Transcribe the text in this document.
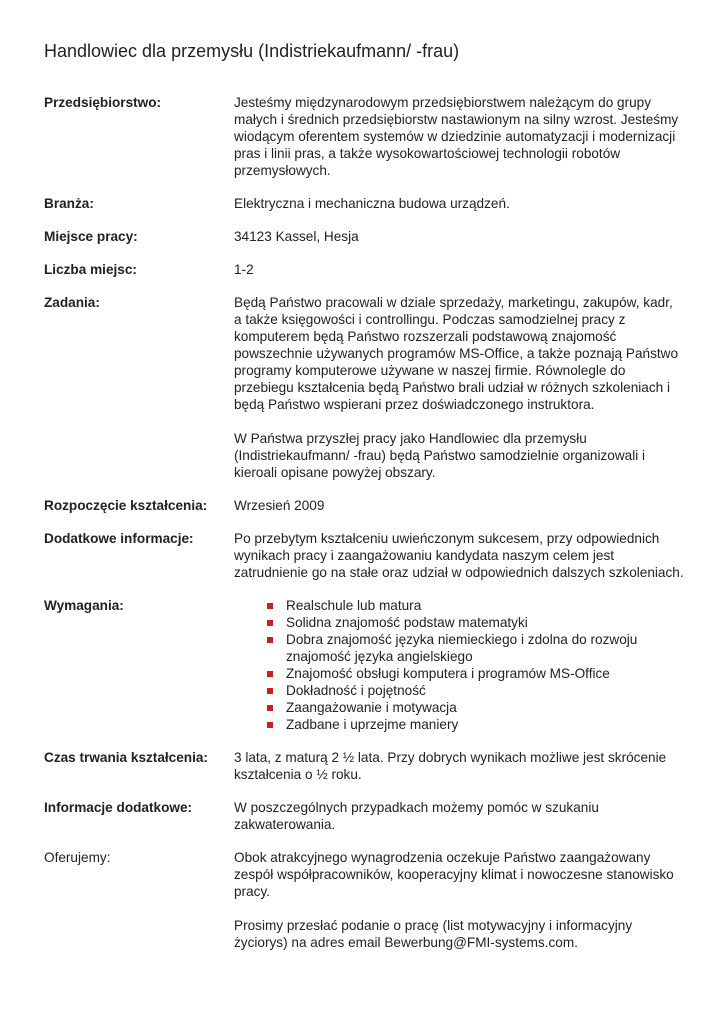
Handlowiec dla przemysłu (Indistriekaufmann/ -frau)
Przedsiębiorstwo:	Jesteśmy międzynarodowym przedsiębiorstwem należącym do grupy małych i średnich przedsiębiorstw nastawionym na silny wzrost. Jesteśmy wiodącym oferentem systemów w dziedzinie automatyzacji i modernizacji pras i linii pras, a także wysokowartościowej technologii robotów przemysłowych.
Branża:	Elektryczna i mechaniczna budowa urządzeń.
Miejsce pracy:	34123 Kassel, Hesja
Liczba miejsc:	1-2
Zadania:	Będą Państwo pracowali w dziale sprzedaży, marketingu, zakupów, kadr, a także księgowości i controllingu. Podczas samodzielnej pracy z komputerem będą Państwo rozszerzali podstawową znajomość powszechnie używanych programów MS-Office, a także poznają Państwo programy komputerowe używane w naszej firmie. Równolegle do przebiegu kształcenia będą Państwo brali udział w różnych szkoleniach i będą Państwo wspierani przez doświadczonego instruktora.

W Państwa przyszłej pracy jako Handlowiec dla przemysłu (Indistriekaufmann/ -frau) będą Państwo samodzielnie organizowali i kieroali opisane powyżej obszary.

Rozpoczęcie kształcenia:	Wrzesień 2009
Dodatkowe informacje:	Po przebytym kształceniu uwieńczonym sukcesem, przy odpowiednich wynikach pracy i zaangażowaniu kandydata naszym celem jest zatrudnienie go na stałe oraz udział w odpowiednich dalszych szkoleniach.
Wymagania:	Realschule lub matura
Solidna znajomość podstaw matematyki
Dobra znajomość języka niemieckiego i zdolna do rozwoju znajomość języka angielskiego
Znajomość obsługi komputera i programów MS-Office
Dokładność i pojętność
Zaangażowanie i motywacja
Zadbane i uprzejme maniery
Czas trwania kształcenia:	3 lata, z maturą 2 ½ lata. Przy dobrych wynikach możliwe jest skrócenie kształcenia o ½ roku.
Informacje dodatkowe:	W poszczególnych przypadkach możemy pomóc w szukaniu zakwaterowania.
Oferujemy:	Obok atrakcyjnego wynagrodzenia oczekuje Państwo zaangażowany zespół współpracowników, kooperacyjny klimat i nowoczesne stanowisko pracy.

Prosimy przesłać podanie o pracę (list motywacyjny i informacyjny życiorys) na adres email Bewerbung@FMI-systems.com.
